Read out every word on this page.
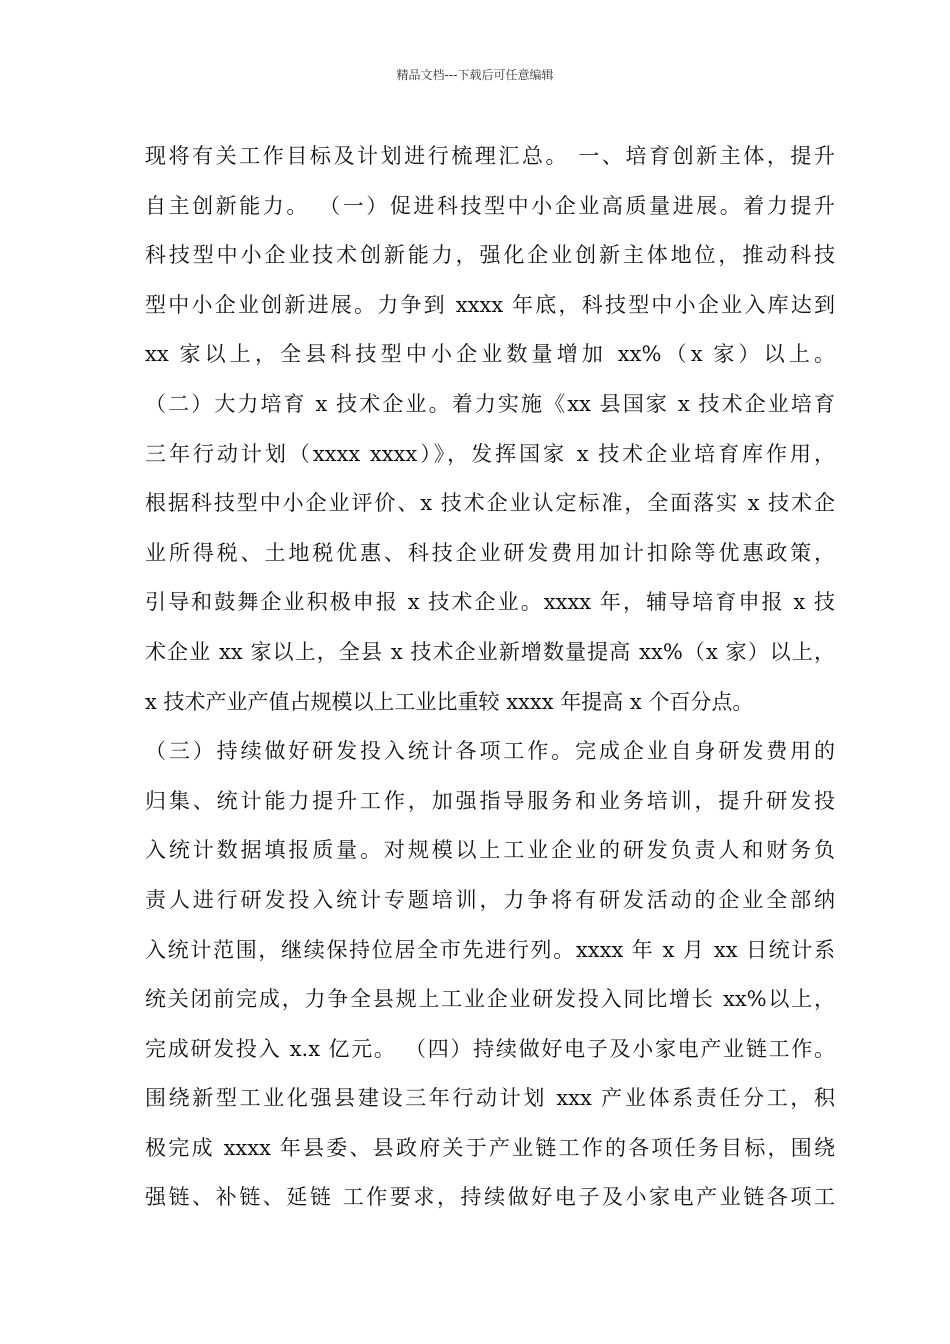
精品文档---下载后可任意编辑
现将有关工作目标及计划进行梳理汇总。 一、培育创新主体，提升
自主创新能力。 （一）促进科技型中小企业高质量进展。着力提升
科技型中小企业技术创新能力，强化企业创新主体地位，推动科技
型中小企业创新进展。力争到 xxxx 年底，科技型中小企业入库达到
xx 家以上，全县科技型中小企业数量增加 xx%（x 家）以上。
（二）大力培育 x 技术企业。着力实施《xx 县国家 x 技术企业培育
三年行动计划（xxxx xxxx）》，发挥国家 x 技术企业培育库作用，
根据科技型中小企业评价、x 技术企业认定标准，全面落实 x 技术企
业所得税、土地税优惠、科技企业研发费用加计扣除等优惠政策，
引导和鼓舞企业积极申报 x 技术企业。xxxx 年，辅导培育申报 x 技
术企业 xx 家以上，全县 x 技术企业新增数量提高 xx%（x 家）以上，
x 技术产业产值占规模以上工业比重较 xxxx 年提高 x 个百分点。
（三）持续做好研发投入统计各项工作。完成企业自身研发费用的
归集、统计能力提升工作，加强指导服务和业务培训，提升研发投
入统计数据填报质量。对规模以上工业企业的研发负责人和财务负
责人进行研发投入统计专题培训，力争将有研发活动的企业全部纳
入统计范围，继续保持位居全市先进行列。xxxx 年 x 月 xx 日统计系
统关闭前完成，力争全县规上工业企业研发投入同比增长 xx%以上，
完成研发投入 x.x 亿元。 （四）持续做好电子及小家电产业链工作。
围绕新型工业化强县建设三年行动计划 xxx 产业体系责任分工，积
极完成 xxxx 年县委、县政府关于产业链工作的各项任务目标，围绕
强链、补链、延链 工作要求，持续做好电子及小家电产业链各项工
